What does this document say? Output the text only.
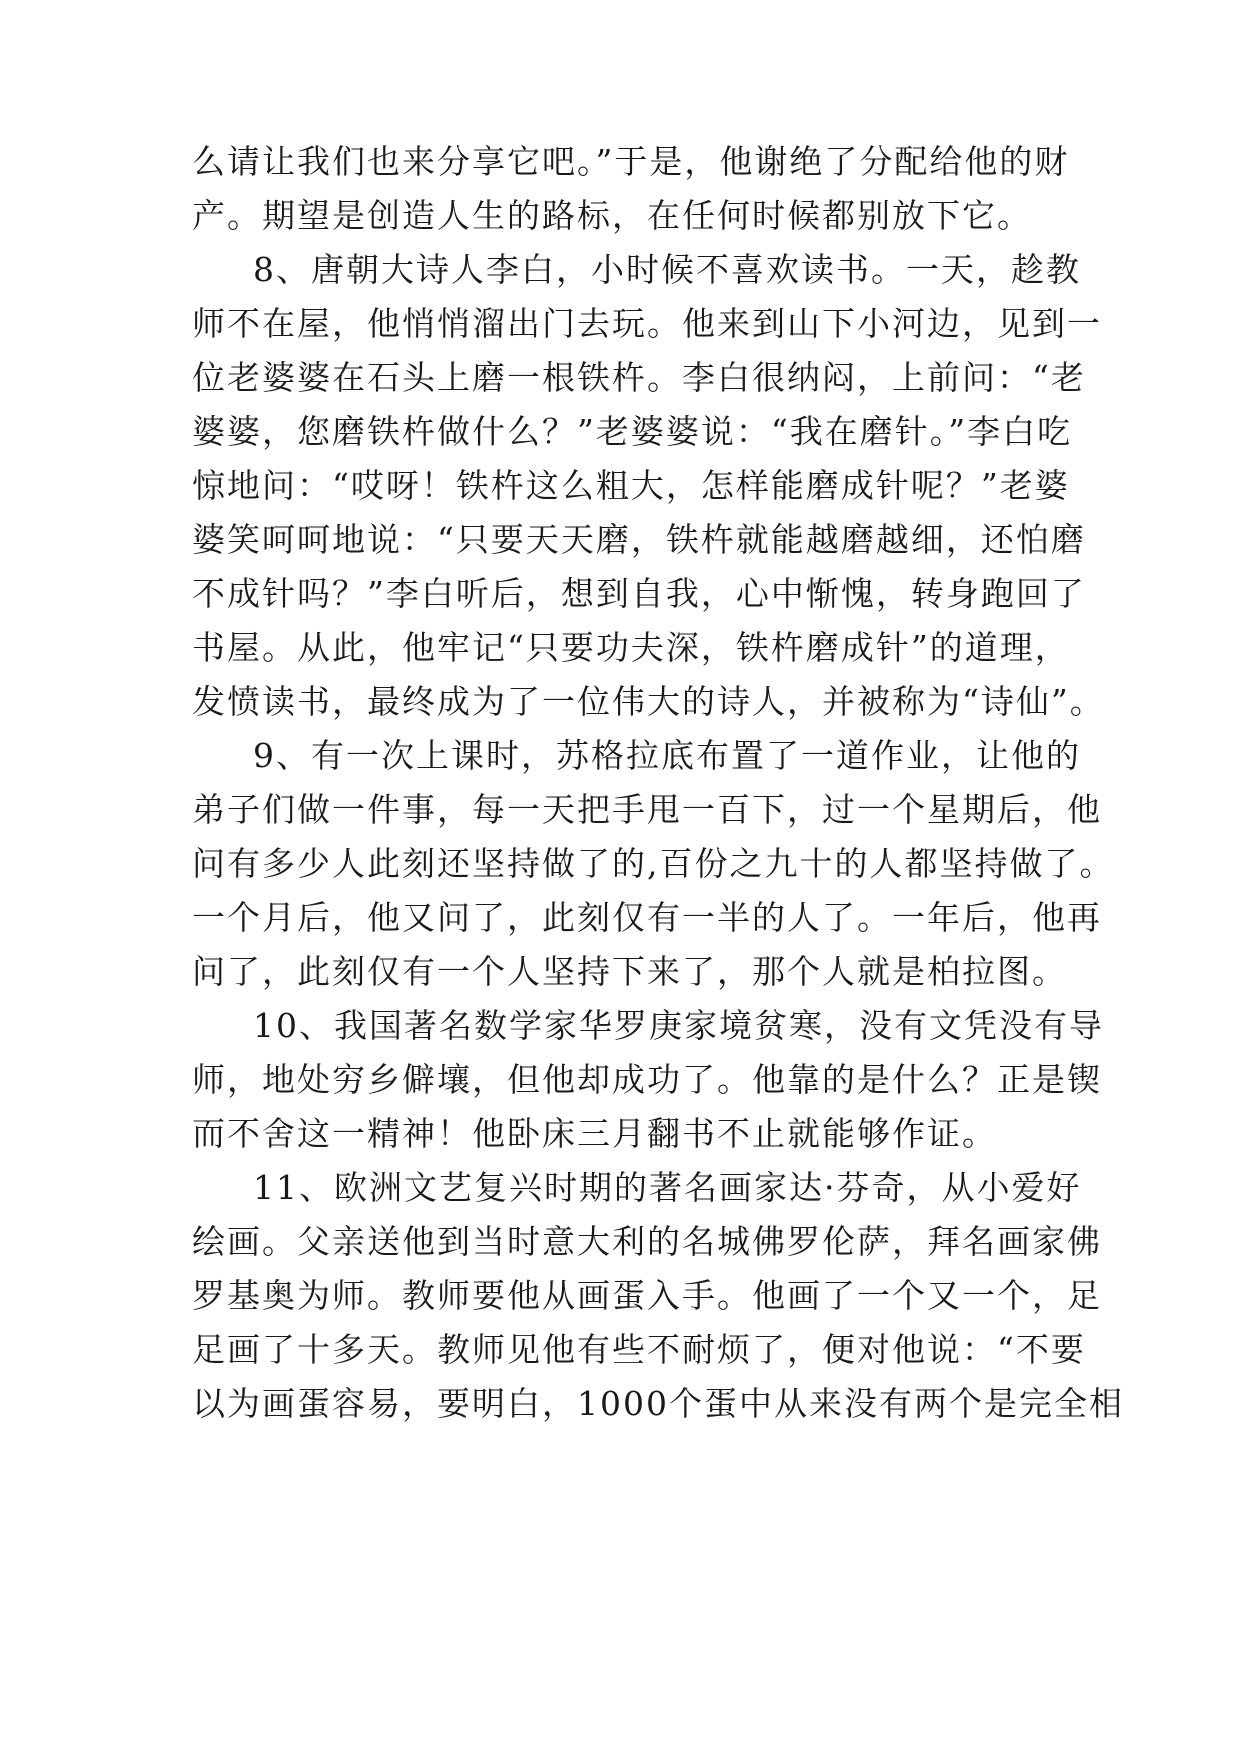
么请让我们也来分享它吧。”于是，他谢绝了分配给他的财
产。期望是创造人生的路标，在任何时候都别放下它。
8、唐朝大诗人李白，小时候不喜欢读书。一天，趁教
师不在屋，他悄悄溜出门去玩。他来到山下小河边，见到一
位老婆婆在石头上磨一根铁杵。李白很纳闷，上前问：“老
婆婆，您磨铁杵做什么？”老婆婆说：“我在磨针。”李白吃
惊地问：“哎呀！铁杵这么粗大，怎样能磨成针呢？”老婆
婆笑呵呵地说：“只要天天磨，铁杵就能越磨越细，还怕磨
不成针吗？”李白听后，想到自我，心中惭愧，转身跑回了
书屋。从此，他牢记“只要功夫深，铁杵磨成针”的道理，
发愤读书，最终成为了一位伟大的诗人，并被称为“诗仙”。
9、有一次上课时，苏格拉底布置了一道作业，让他的
弟子们做一件事，每一天把手甩一百下，过一个星期后，他
问有多少人此刻还坚持做了的,百份之九十的人都坚持做了。
一个月后，他又问了，此刻仅有一半的人了。一年后，他再
问了，此刻仅有一个人坚持下来了，那个人就是柏拉图。
10、我国著名数学家华罗庚家境贫寒，没有文凭没有导
师，地处穷乡僻壤，但他却成功了。他靠的是什么？正是锲
而不舍这一精神！他卧床三月翻书不止就能够作证。
11、欧洲文艺复兴时期的著名画家达·芬奇，从小爱好
绘画。父亲送他到当时意大利的名城佛罗伦萨，拜名画家佛
罗基奥为师。教师要他从画蛋入手。他画了一个又一个，足
足画了十多天。教师见他有些不耐烦了，便对他说：“不要
以为画蛋容易，要明白，1000个蛋中从来没有两个是完全相
